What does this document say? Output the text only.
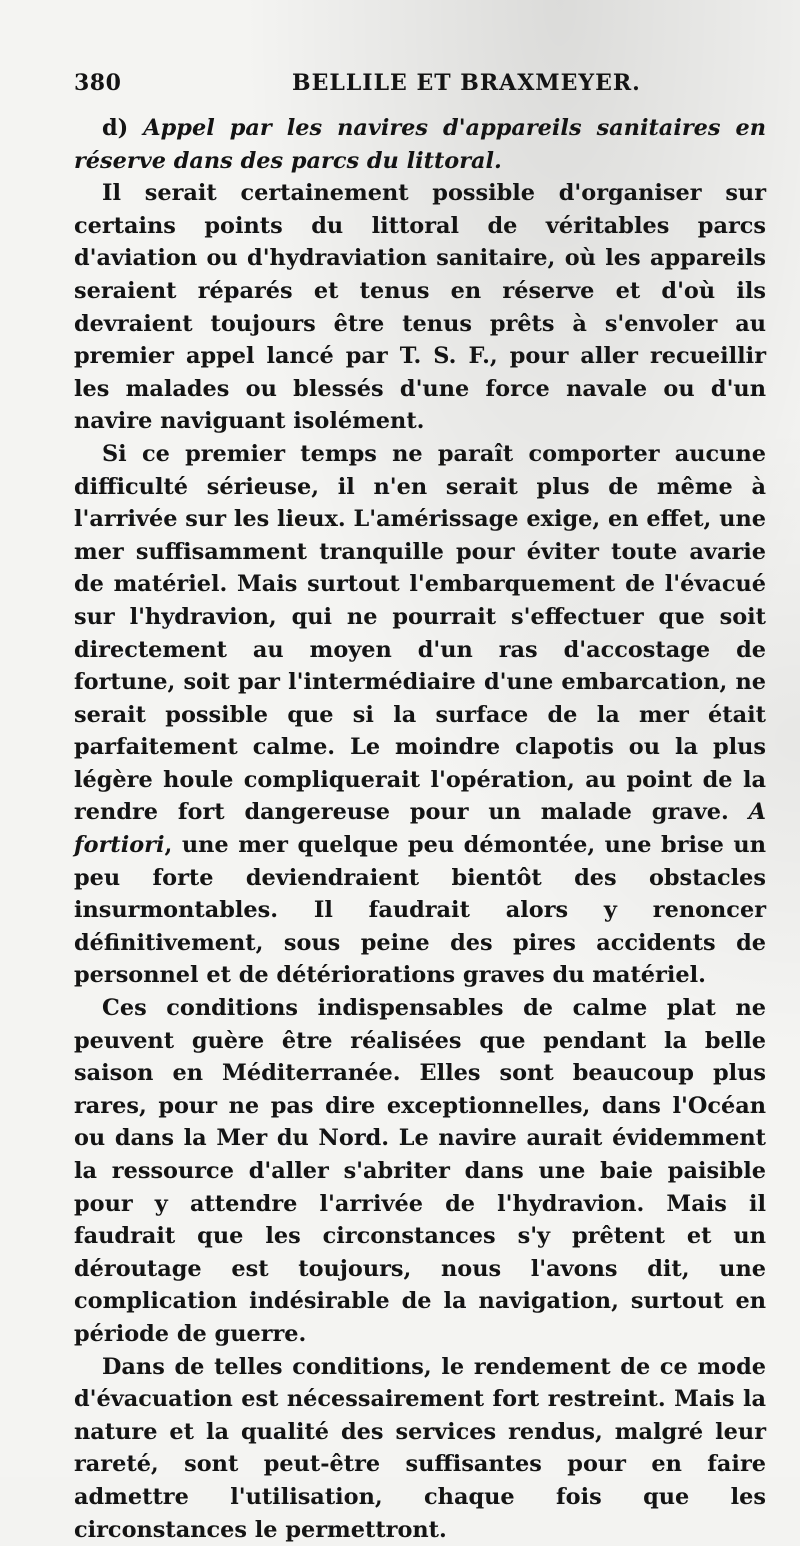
380	BELLILE ET BRAXMEYER.

d) Appel par les navires d'appareils sanitaires en réserve dans des parcs du littoral.

Il serait certainement possible d'organiser sur certains points du littoral de véritables parcs d'aviation ou d'hydraviation sanitaire, où les appareils seraient réparés et tenus en réserve et d'où ils devraient toujours être tenus prêts à s'envoler au premier appel lancé par T. S. F., pour aller recueillir les malades ou blessés d'une force navale ou d'un navire naviguant isolément.

Si ce premier temps ne paraît comporter aucune difficulté sérieuse, il n'en serait plus de même à l'arrivée sur les lieux. L'amérissage exige, en effet, une mer suffisamment tranquille pour éviter toute avarie de matériel. Mais surtout l'embarquement de l'évacué sur l'hydravion, qui ne pourrait s'effectuer que soit directement au moyen d'un ras d'accostage de fortune, soit par l'intermédiaire d'une embarcation, ne serait possible que si la surface de la mer était parfaitement calme. Le moindre clapotis ou la plus légère houle compliquerait l'opération, au point de la rendre fort dangereuse pour un malade grave. A fortiori, une mer quelque peu démontée, une brise un peu forte deviendraient bientôt des obstacles insurmontables. Il faudrait alors y renoncer définitivement, sous peine des pires accidents de personnel et de détériorations graves du matériel.

Ces conditions indispensables de calme plat ne peuvent guère être réalisées que pendant la belle saison en Méditerranée. Elles sont beaucoup plus rares, pour ne pas dire exceptionnelles, dans l'Océan ou dans la Mer du Nord. Le navire aurait évidemment la ressource d'aller s'abriter dans une baie paisible pour y attendre l'arrivée de l'hydravion. Mais il faudrait que les circonstances s'y prêtent et un déroutage est toujours, nous l'avons dit, une complication indésirable de la navigation, surtout en période de guerre.

Dans de telles conditions, le rendement de ce mode d'évacuation est nécessairement fort restreint. Mais la nature et la qualité des services rendus, malgré leur rareté, sont peut-être suffisantes pour en faire admettre l'utilisation, chaque fois que les circonstances le permettront.
